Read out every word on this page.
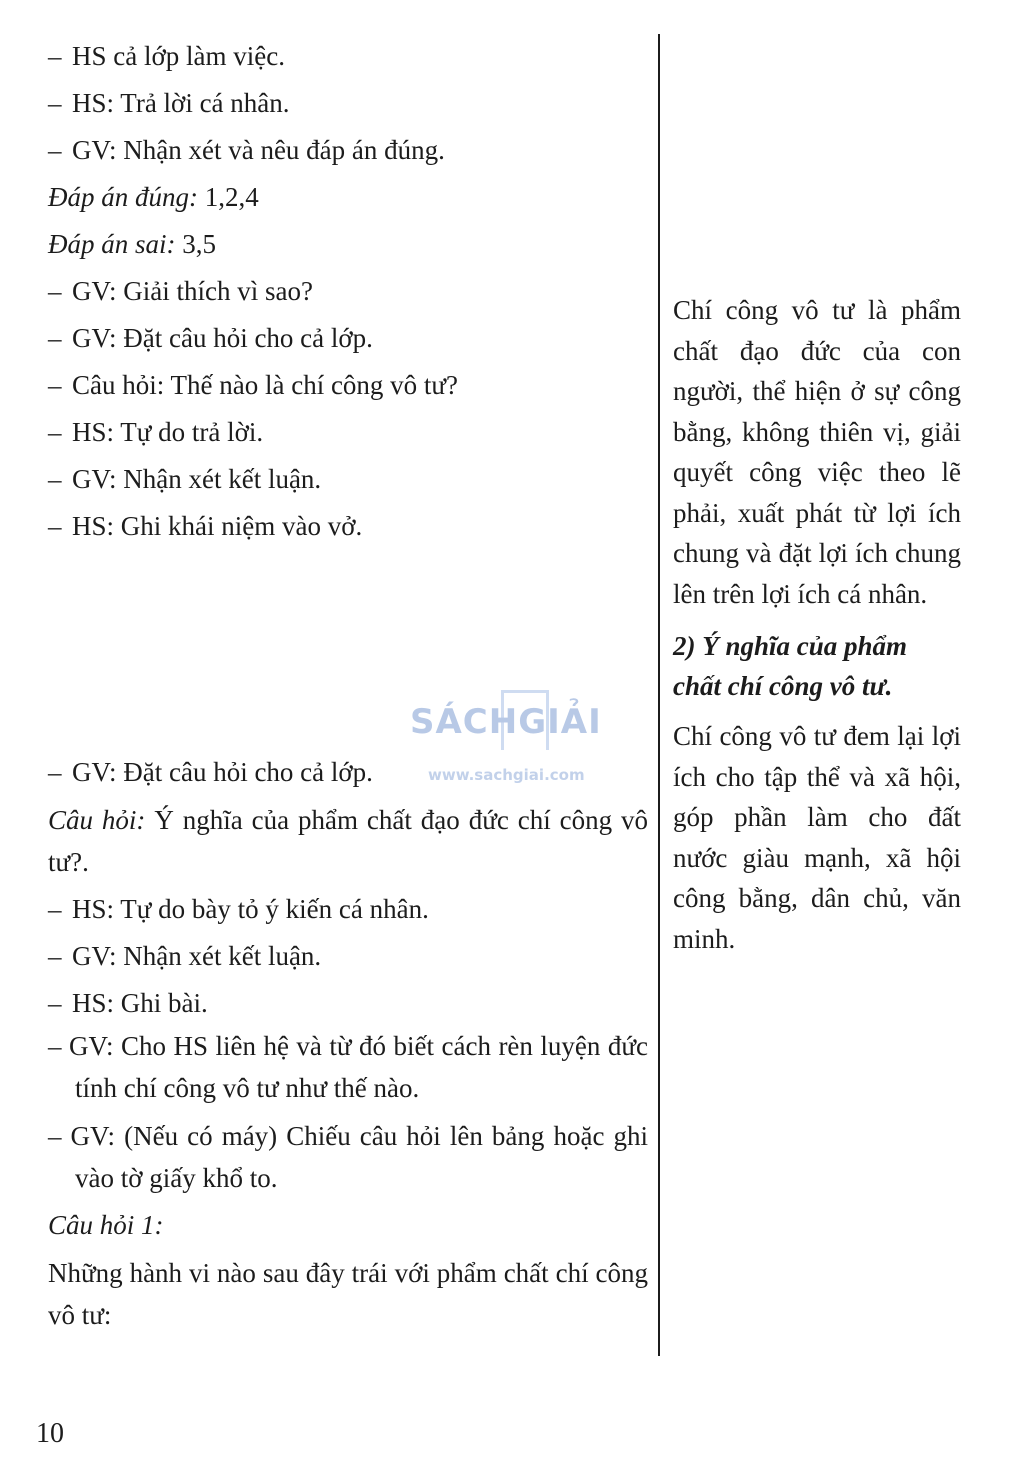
– HS cả lớp làm việc.
– HS: Trả lời cá nhân.
– GV: Nhận xét và nêu đáp án đúng.
Đáp án đúng: 1,2,4
Đáp án sai: 3,5
– GV: Giải thích vì sao?
– GV: Đặt câu hỏi cho cả lớp.
– Câu hỏi: Thế nào là chí công vô tư?
– HS: Tự do trả lời.
– GV: Nhận xét kết luận.
– HS: Ghi khái niệm vào vở.
– GV: Đặt câu hỏi cho cả lớp.
Câu hỏi: Ý nghĩa của phẩm chất đạo đức chí công vô tư?.
– HS: Tự do bày tỏ ý kiến cá nhân.
– GV: Nhận xét kết luận.
– HS: Ghi bài.
– GV: Cho HS liên hệ và từ đó biết cách rèn luyện đức tính chí công vô tư như thế nào.
– GV: (Nếu có máy) Chiếu câu hỏi lên bảng hoặc ghi vào tờ giấy khổ to.
Câu hỏi 1:
Những hành vi nào sau đây trái với phẩm chất chí công vô tư:

Chí công vô tư là phẩm chất đạo đức của con người, thể hiện ở sự công bằng, không thiên vị, giải quyết công việc theo lẽ phải, xuất phát từ lợi ích chung và đặt lợi ích chung lên trên lợi ích cá nhân.

2) Ý nghĩa của phẩm chất chí công vô tư.

Chí công vô tư đem lại lợi ích cho tập thể và xã hội, góp phần làm cho đất nước giàu mạnh, xã hội công bằng, dân chủ, văn minh.

SÁCHGIẢI
www.sachgiai.com
10
